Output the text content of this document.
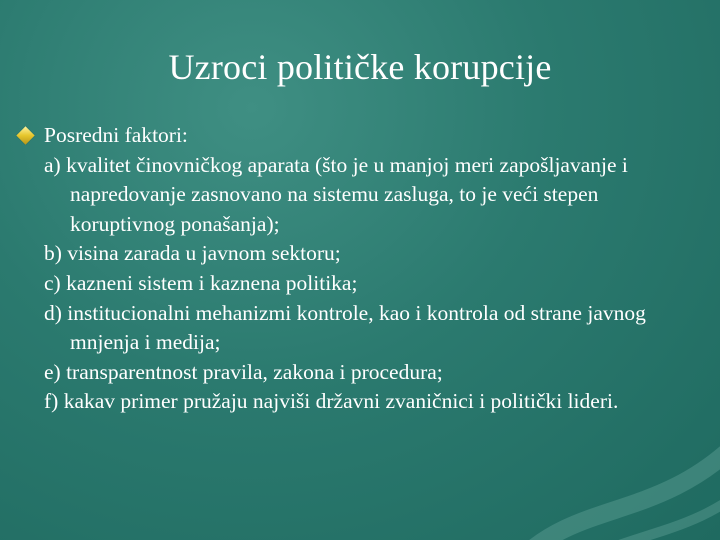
Uzroci političke korupcije
Posredni faktori:
a) kvalitet činovničkog aparata (što je u manjoj meri zapošljavanje i napredovanje zasnovano na sistemu zasluga, to je veći stepen koruptivnog ponašanja);
b) visina zarada u javnom sektoru;
c) kazneni sistem i kaznena politika;
d) institucionalni mehanizmi kontrole, kao i kontrola od strane javnog mnjenja i medija;
e) transparentnost pravila, zakona i procedura;
f) kakav primer pružaju najviši državni zvaničnici i politički lideri.
